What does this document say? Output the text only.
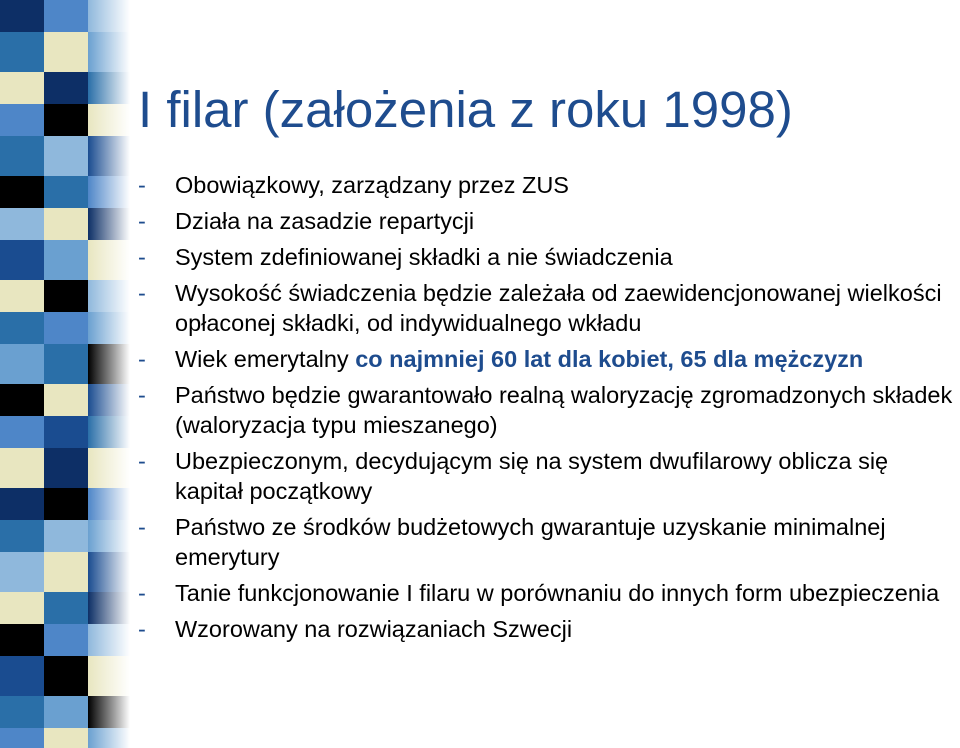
I filar (założenia z roku 1998)
- Obowiązkowy, zarządzany przez ZUS
- Działa na zasadzie repartycji
- System zdefiniowanej składki a nie świadczenia
- Wysokość świadczenia będzie zależała od zaewidencjonowanej wielkości opłaconej składki, od indywidualnego wkładu
- Wiek emerytalny co najmniej 60 lat dla kobiet, 65 dla mężczyzn
- Państwo będzie gwarantowało realną waloryzację zgromadzonych składek (waloryzacja typu mieszanego)
- Ubezpieczonym, decydującym się na system dwufilarowy oblicza się kapitał początkowy
- Państwo ze środków budżetowych gwarantuje uzyskanie minimalnej emerytury
- Tanie funkcjonowanie I filaru w porównaniu do innych form ubezpieczenia
- Wzorowany na rozwiązaniach Szwecji
